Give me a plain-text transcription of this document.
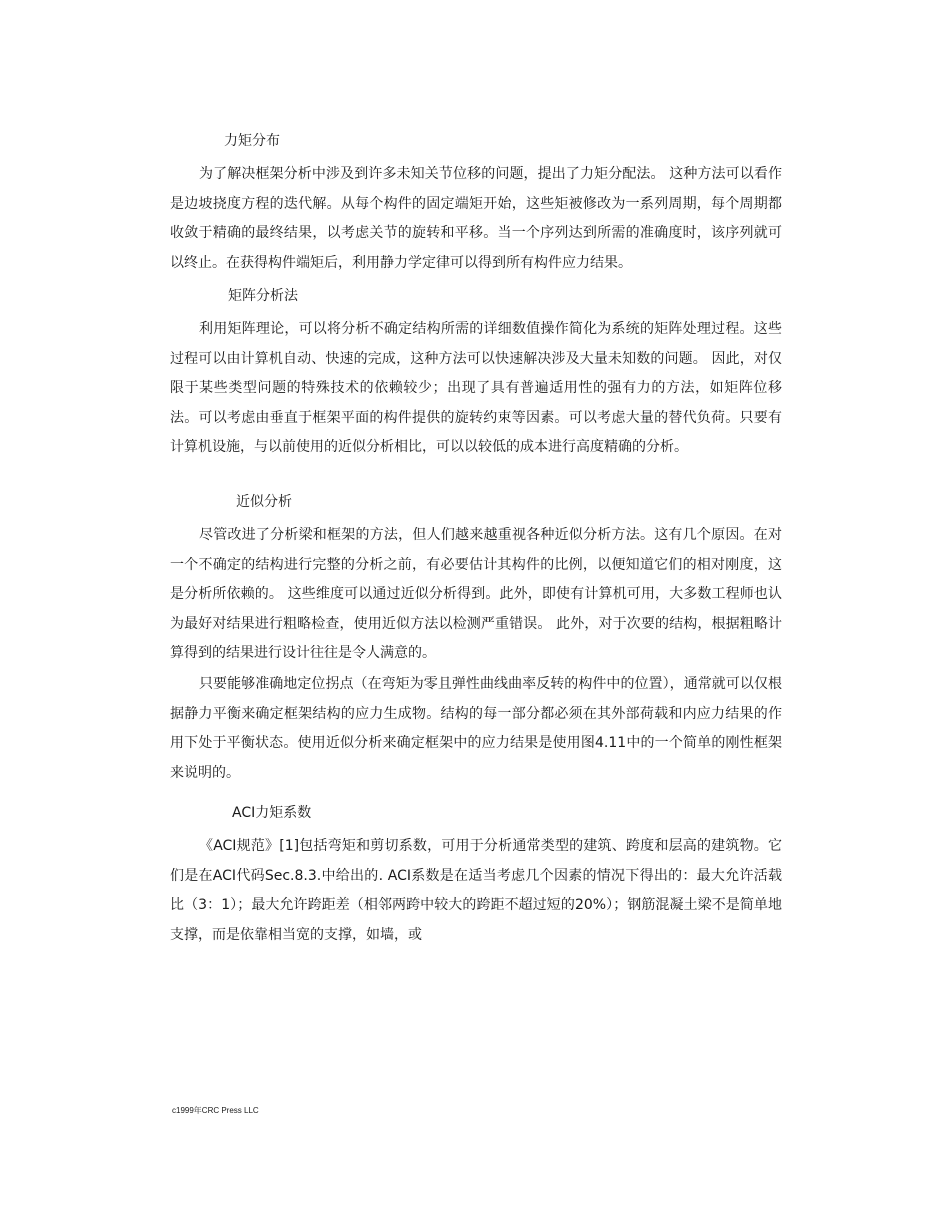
力矩分布

为了解决框架分析中涉及到许多未知关节位移的问题，提出了力矩分配法。 这种方法可以看作是边坡挠度方程的迭代解。从每个构件的固定端矩开始，这些矩被修改为一系列周期，每个周期都收敛于精确的最终结果，以考虑关节的旋转和平移。当一个序列达到所需的准确度时，该序列就可以终止。在获得构件端矩后，利用静力学定律可以得到所有构件应力结果。

矩阵分析法

利用矩阵理论，可以将分析不确定结构所需的详细数值操作简化为系统的矩阵处理过程。这些过程可以由计算机自动、快速的完成，这种方法可以快速解决涉及大量未知数的问题。 因此，对仅限于某些类型问题的特殊技术的依赖较少；出现了具有普遍适用性的强有力的方法，如矩阵位移法。可以考虑由垂直于框架平面的构件提供的旋转约束等因素。可以考虑大量的替代负荷。只要有计算机设施，与以前使用的近似分析相比，可以以较低的成本进行高度精确的分析。

近似分析

尽管改进了分析梁和框架的方法，但人们越来越重视各种近似分析方法。这有几个原因。在对一个不确定的结构进行完整的分析之前，有必要估计其构件的比例，以便知道它们的相对刚度，这是分析所依赖的。 这些维度可以通过近似分析得到。此外，即使有计算机可用，大多数工程师也认为最好对结果进行粗略检查，使用近似方法以检测严重错误。 此外，对于次要的结构，根据粗略计算得到的结果进行设计往往是令人满意的。

只要能够准确地定位拐点（在弯矩为零且弹性曲线曲率反转的构件中的位置），通常就可以仅根据静力平衡来确定框架结构的应力生成物。结构的每一部分都必须在其外部荷载和内应力结果的作用下处于平衡状态。使用近似分析来确定框架中的应力结果是使用图4.11中的一个简单的刚性框架来说明的。

ACI力矩系数

《ACI规范》[1]包括弯矩和剪切系数，可用于分析通常类型的建筑、跨度和层高的建筑物。它们是在ACI代码Sec.8.3.中给出的. ACI系数是在适当考虑几个因素的情况下得出的：最大允许活载比（3：1）；最大允许跨距差（相邻两跨中较大的跨距不超过短的20%）；钢筋混凝土梁不是简单地支撑，而是依靠相当宽的支撑，如墙，或

c1999年CRC Press LLC
